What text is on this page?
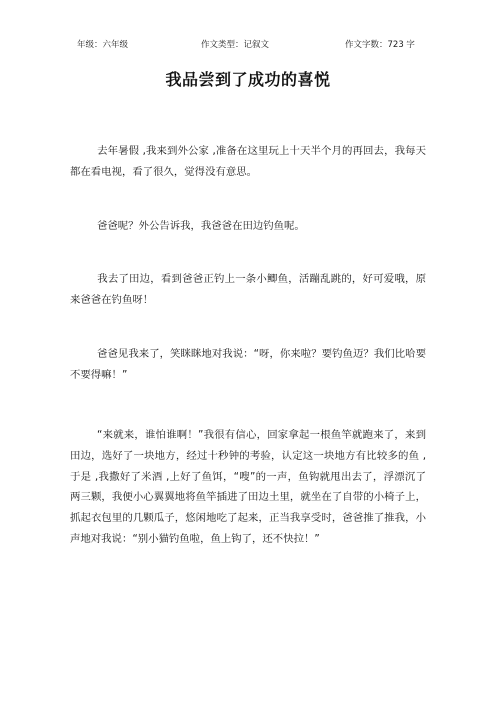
年级：六年级	作文类型：记叙文	作文字数：723 字
我品尝到了成功的喜悦

去年暑假 ,我来到外公家 ,准备在这里玩上十天半个月的再回去，我每天都在看电视，看了很久，觉得没有意思。

爸爸呢？外公告诉我，我爸爸在田边钓鱼呢。

我去了田边，看到爸爸正钓上一条小鲫鱼，活蹦乱跳的，好可爱哦，原来爸爸在钓鱼呀！

爸爸见我来了，笑眯眯地对我说：“呀，你来啦？要钓鱼迈？我们比哈要不要得嘛！”

“来就来，谁怕谁啊！”我很有信心，回家拿起一根鱼竿就跑来了，来到田边，选好了一块地方，经过十秒钟的考验，认定这一块地方有比较多的鱼 ,于是 ,我撒好了米酒 ,上好了鱼饵，“嗖”的一声，鱼钩就甩出去了，浮漂沉了两三颗，我便小心翼翼地将鱼竿插进了田边土里，就坐在了自带的小椅子上，抓起衣包里的几颗瓜子，悠闲地吃了起来，正当我享受时，爸爸推了推我，小声地对我说：“别小猫钓鱼啦，鱼上钩了，还不快拉！”
